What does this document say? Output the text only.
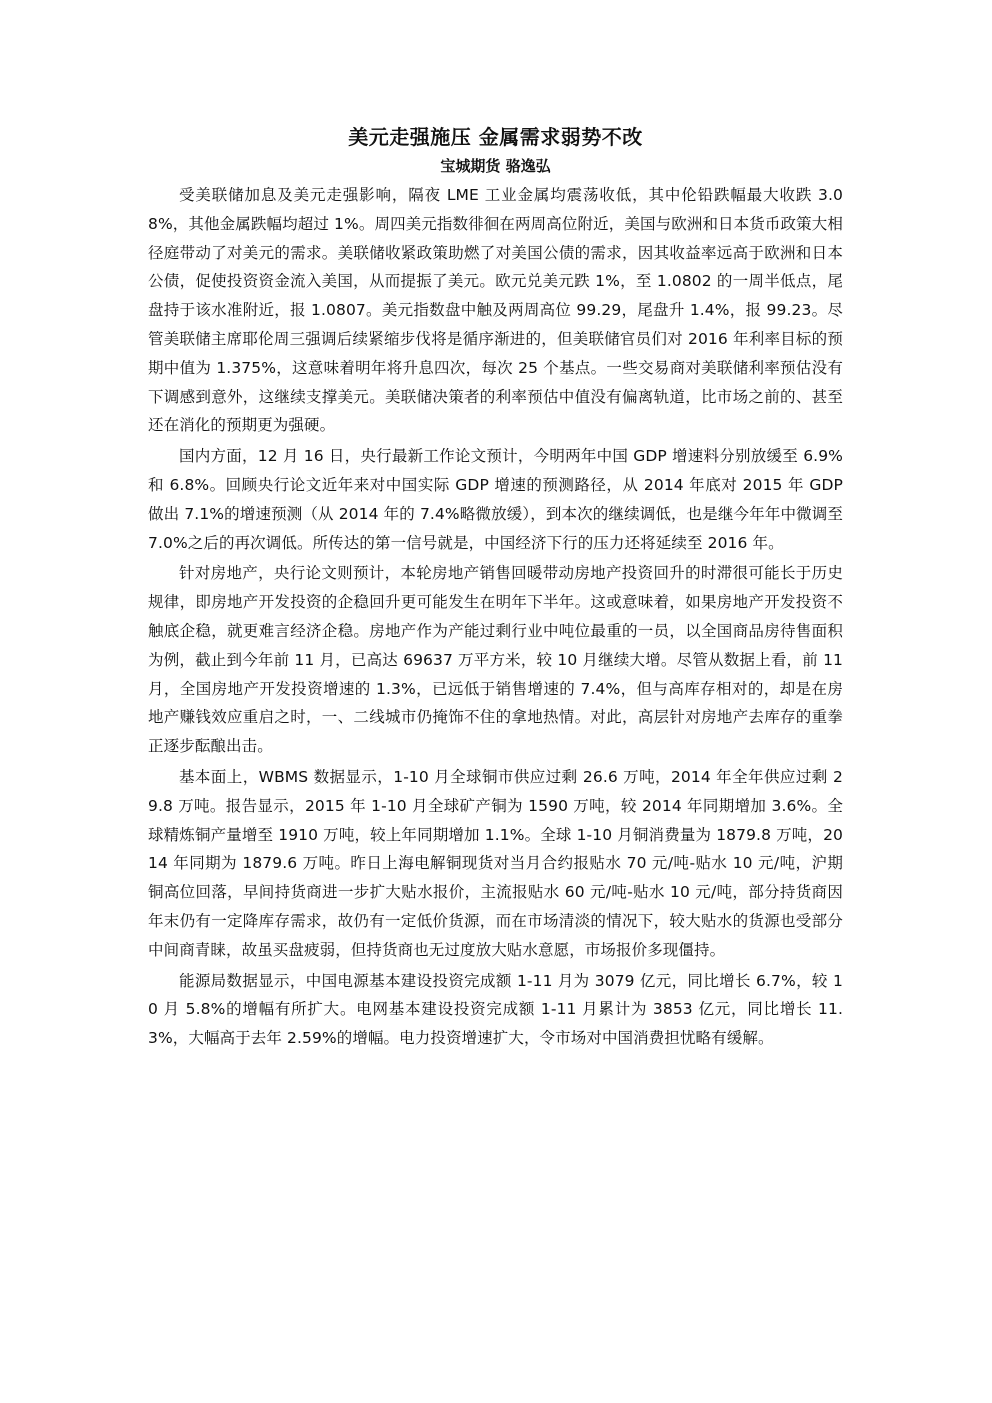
美元走强施压 金属需求弱势不改

宝城期货 骆逸弘

受美联储加息及美元走强影响，隔夜 LME 工业金属均震荡收低，其中伦铅跌幅最大收跌 3.08%，其他金属跌幅均超过 1%。周四美元指数徘徊在两周高位附近，美国与欧洲和日本货币政策大相径庭带动了对美元的需求。美联储收紧政策助燃了对美国公债的需求，因其收益率远高于欧洲和日本公债，促使投资资金流入美国，从而提振了美元。欧元兑美元跌 1%，至 1.0802 的一周半低点，尾盘持于该水准附近，报 1.0807。美元指数盘中触及两周高位 99.29，尾盘升 1.4%，报 99.23。尽管美联储主席耶伦周三强调后续紧缩步伐将是循序渐进的，但美联储官员们对 2016 年利率目标的预期中值为 1.375%，这意味着明年将升息四次，每次 25 个基点。一些交易商对美联储利率预估没有下调感到意外，这继续支撑美元。美联储决策者的利率预估中值没有偏离轨道，比市场之前的、甚至还在消化的预期更为强硬。

国内方面，12 月 16 日，央行最新工作论文预计，今明两年中国 GDP 增速料分别放缓至 6.9%和 6.8%。回顾央行论文近年来对中国实际 GDP 增速的预测路径，从 2014 年底对 2015 年 GDP 做出 7.1%的增速预测（从 2014 年的 7.4%略微放缓），到本次的继续调低，也是继今年年中微调至 7.0%之后的再次调低。所传达的第一信号就是，中国经济下行的压力还将延续至 2016 年。

针对房地产，央行论文则预计，本轮房地产销售回暖带动房地产投资回升的时滞很可能长于历史规律，即房地产开发投资的企稳回升更可能发生在明年下半年。这或意味着，如果房地产开发投资不触底企稳，就更难言经济企稳。房地产作为产能过剩行业中吨位最重的一员，以全国商品房待售面积为例，截止到今年前 11 月，已高达 69637 万平方米，较 10 月继续大增。尽管从数据上看，前 11 月，全国房地产开发投资增速的 1.3%，已远低于销售增速的 7.4%，但与高库存相对的，却是在房地产赚钱效应重启之时，一、二线城市仍掩饰不住的拿地热情。对此，高层针对房地产去库存的重拳正逐步酝酿出击。

基本面上，WBMS 数据显示，1-10 月全球铜市供应过剩 26.6 万吨，2014 年全年供应过剩 29.8 万吨。报告显示，2015 年 1-10 月全球矿产铜为 1590 万吨，较 2014 年同期增加 3.6%。全球精炼铜产量增至 1910 万吨，较上年同期增加 1.1%。全球 1-10 月铜消费量为 1879.8 万吨，2014 年同期为 1879.6 万吨。昨日上海电解铜现货对当月合约报贴水 70 元/吨-贴水 10 元/吨，沪期铜高位回落，早间持货商进一步扩大贴水报价，主流报贴水 60 元/吨-贴水 10 元/吨，部分持货商因年末仍有一定降库存需求，故仍有一定低价货源，而在市场清淡的情况下，较大贴水的货源也受部分中间商青睐，故虽买盘疲弱，但持货商也无过度放大贴水意愿，市场报价多现僵持。

能源局数据显示，中国电源基本建设投资完成额 1-11 月为 3079 亿元，同比增长 6.7%，较 10 月 5.8%的增幅有所扩大。电网基本建设投资完成额 1-11 月累计为 3853 亿元，同比增长 11.3%，大幅高于去年 2.59%的增幅。电力投资增速扩大，令市场对中国消费担忧略有缓解。
